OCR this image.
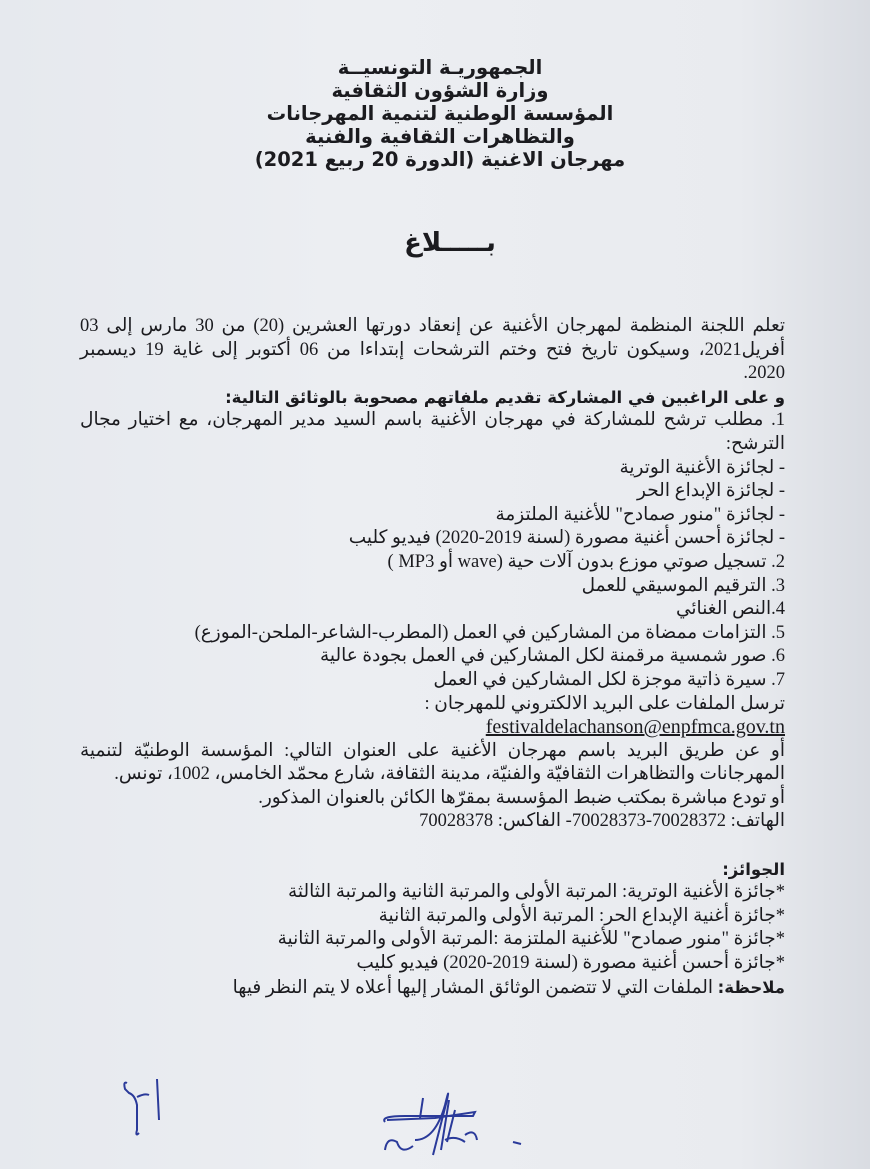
الجمهوريـة التونسيــة
وزارة الشؤون الثقافية
المؤسسة الوطنية لتنمية المهرجانات
والتظاهرات الثقافية والفنية
مهرجان الاغنية (الدورة 20 ربيع 2021)
بـــــلاغ
تعلم اللجنة المنظمة لمهرجان الأغنية عن إنعقاد دورتها العشرين (20) من 30 مارس إلى 03
أفريل2021، وسيكون تاريخ فتح وختم الترشحات إبتداءا من 06 أكتوبر إلى غاية 19 ديسمبر
2020.
و على الراغبين في المشاركة تقديم ملفاتهم مصحوبة بالوثائق التالية:
1. مطلب ترشح للمشاركة في مهرجان الأغنية باسم السيد مدير المهرجان، مع اختيار مجال
الترشح:
- لجائزة الأغنية الوترية
- لجائزة الإبداع الحر
- لجائزة "منور صمادح" للأغنية الملتزمة
- لجائزة أحسن أغنية مصورة (لسنة 2019-2020) فيديو كليب
2. تسجيل صوتي موزع بدون آلات حية (wave أو MP3 )
3. الترقيم الموسيقي للعمل
4.النص الغنائي
5. التزامات ممضاة من المشاركين في العمل (المطرب-الشاعر-الملحن-الموزع)
6. صور شمسية مرقمنة لكل المشاركين في العمل بجودة عالية
7. سيرة ذاتية موجزة لكل المشاركين في العمل
ترسل الملفات على البريد الالكتروني للمهرجان :
festivaldelachanson@enpfmca.gov.tn
أو عن طريق البريد باسم مهرجان الأغنية على العنوان التالي: المؤسسة الوطنيّة لتنمية
المهرجانات والتظاهرات الثقافيّة والفنيّة، مدينة الثقافة، شارع محمّد الخامس، 1002، تونس.
أو تودع مباشرة بمكتب ضبط المؤسسة بمقرّها الكائن بالعنوان المذكور.
الهاتف: 70028372-70028373- الفاكس: 70028378
الجوائز:
*جائزة الأغنية الوترية: المرتبة الأولى والمرتبة الثانية والمرتبة الثالثة
*جائزة أغنية الإبداع الحر: المرتبة الأولى والمرتبة الثانية
*جائزة "منور صمادح" للأغنية الملتزمة :المرتبة الأولى والمرتبة الثانية
*جائزة أحسن أغنية مصورة (لسنة 2019-2020) فيديو كليب
ملاحظة: الملفات التي لا تتضمن الوثائق المشار إليها أعلاه لا يتم النظر فيها
